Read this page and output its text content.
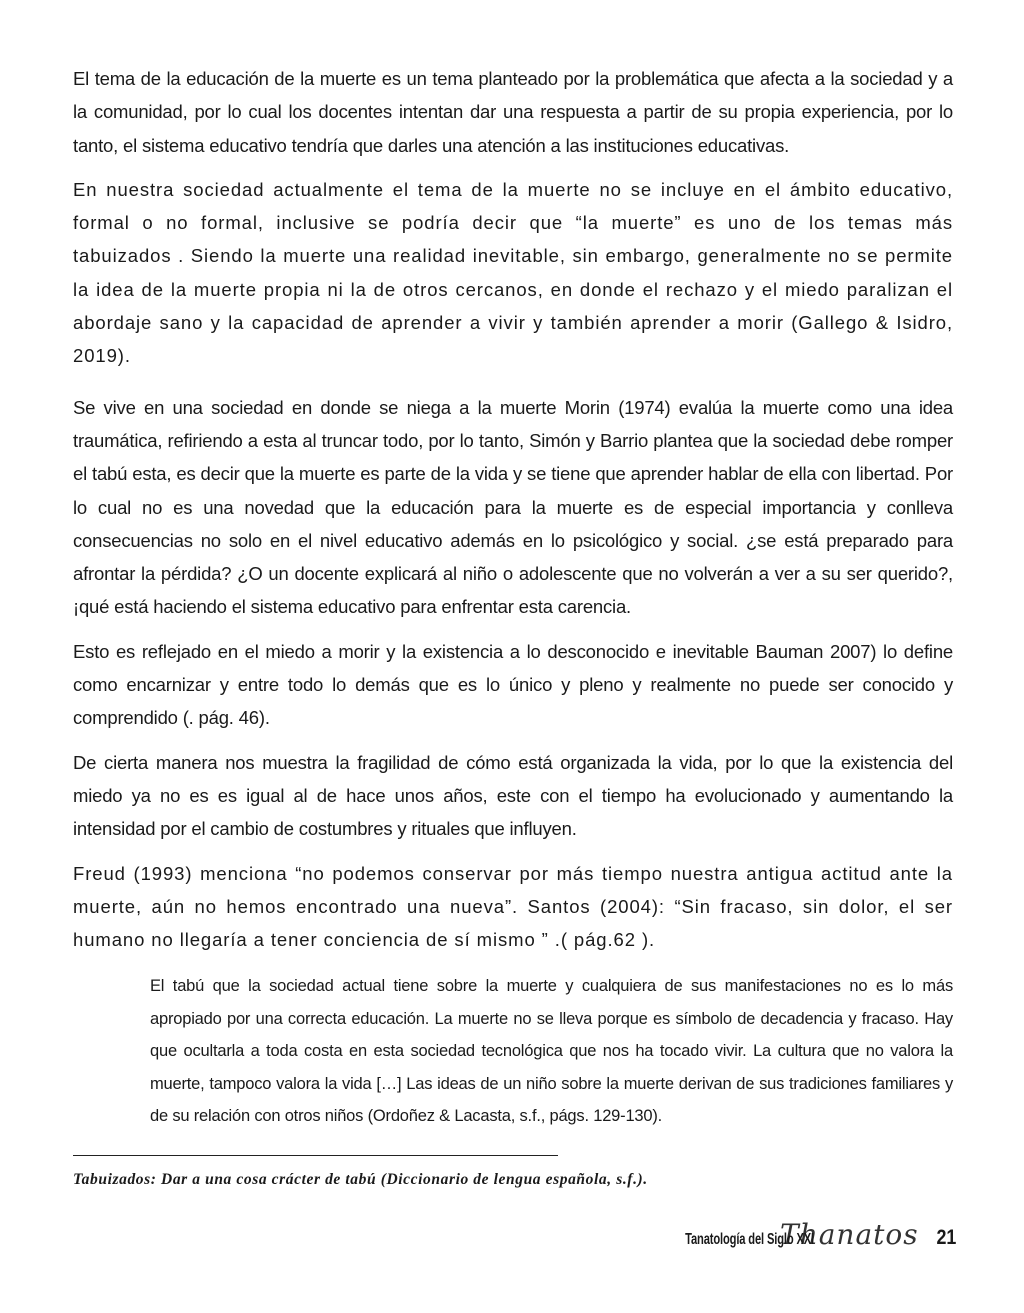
El tema de la educación de la muerte es un tema planteado por la problemática que afecta a la sociedad y a la comunidad, por lo cual los docentes intentan dar una respuesta a partir de su propia experiencia, por lo tanto, el sistema educativo tendría que darles una atención a las instituciones educativas.

En nuestra sociedad actualmente el tema de la muerte no se incluye en el ámbito educativo, formal o no formal, inclusive se podría decir que “la muerte” es uno de los temas más tabuizados . Siendo la muerte una realidad inevitable, sin embargo, generalmente no se permite la idea de la muerte propia ni la de otros cercanos, en donde el rechazo y el miedo paralizan el abordaje sano y la capacidad de aprender a vivir y también aprender a morir (Gallego & Isidro, 2019).

Se vive en una sociedad en donde se niega a la muerte Morin (1974) evalúa la muerte como una idea traumática, refiriendo a esta al truncar todo, por lo tanto, Simón y Barrio plantea que la sociedad debe romper el tabú esta, es decir que la muerte es parte de la vida y se tiene que aprender hablar de ella con libertad. Por lo cual no es una novedad que la educación para la muerte es de especial importancia y conlleva consecuencias no solo en el nivel educativo además en lo psicológico y social. ¿se está preparado para afrontar la pérdida? ¿O un docente explicará al niño o adolescente que no volverán a ver a su ser querido?, ¡qué está haciendo el sistema educativo para enfrentar esta carencia.

Esto es reflejado en el miedo a morir y la existencia a lo desconocido e inevitable Bauman 2007) lo define como encarnizar y entre todo lo demás que es lo único y pleno y realmente no puede ser conocido y comprendido (. pág. 46).

De cierta manera nos muestra la fragilidad de cómo está organizada la vida, por lo que la existencia del miedo ya no es es igual al de hace unos años, este con el tiempo ha evolucionado y aumentando la intensidad por el cambio de costumbres y rituales que influyen.

Freud (1993) menciona “no podemos conservar por más tiempo nuestra antigua actitud ante la muerte, aún no hemos encontrado una nueva”. Santos (2004): “Sin fracaso, sin dolor, el ser humano no llegaría a tener conciencia de sí mismo ” .( pág.62 ).

El tabú que la sociedad actual tiene sobre la muerte y cualquiera de sus manifestaciones no es lo más apropiado por una correcta educación. La muerte no se lleva porque es símbolo de decadencia y fracaso. Hay que ocultarla a toda costa en esta sociedad tecnológica que nos ha tocado vivir. La cultura que no valora la muerte, tampoco valora la vida […] Las ideas de un niño sobre la muerte derivan de sus tradiciones familiares y de su relación con otros niños (Ordoñez & Lacasta, s.f., págs. 129-130).

Tabuizados: Dar a una cosa crácter de tabú (Diccionario de lengua española, s.f.).
Tanatología del Siglo XXI
Thanatos 21
